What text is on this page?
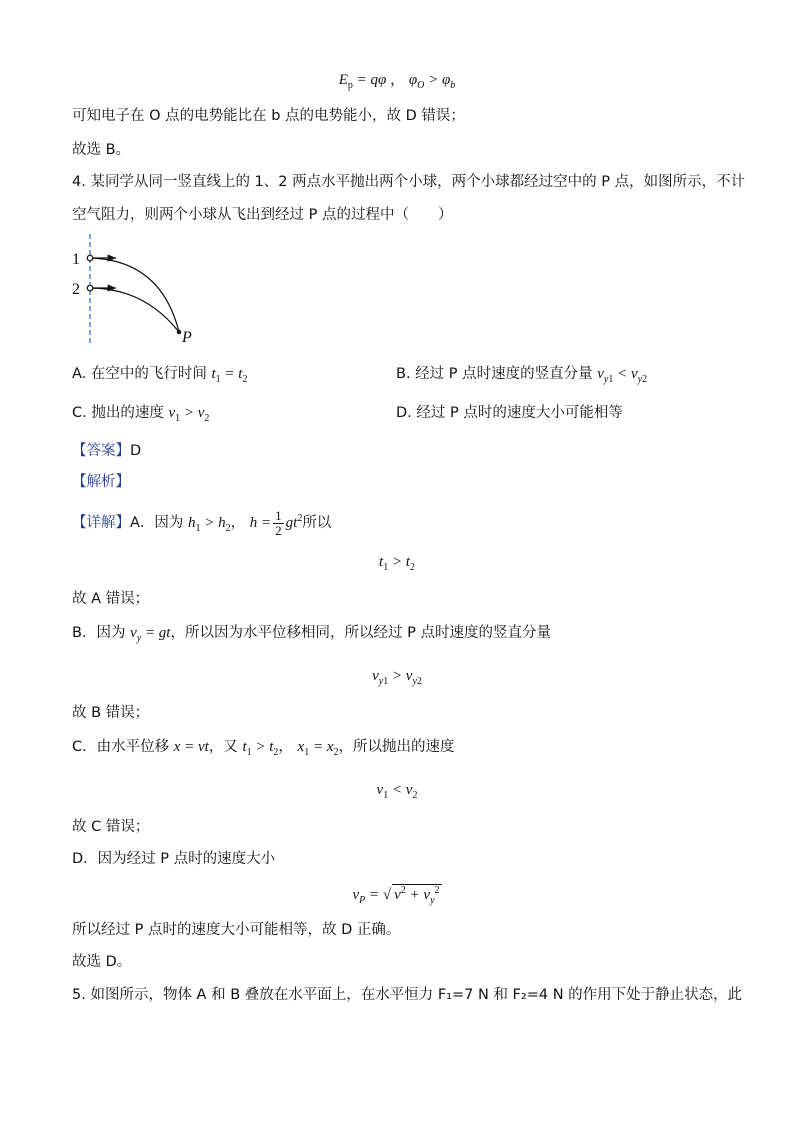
$E_p = q\varphi$ ， $\varphi_O > \varphi_b$
可知电子在 O 点的电势能比在 b 点的电势能小，故 D 错误；
故选 B。
4. 某同学从同一竖直线上的 1、2 两点水平抛出两个小球，两个小球都经过空中的 P 点，如图所示，不计
空气阻力，则两个小球从飞出到经过 P 点的过程中（　　）
1
2
P
A. 在空中的飞行时间 $t_1 = t_2$	B. 经过 P 点时速度的竖直分量 $v_{y1} < v_{y2}$
C. 抛出的速度 $v_1 > v_2$	D. 经过 P 点时的速度大小可能相等
【答案】D
【解析】
【详解】A．因为 $h_1 > h_2$， $h = \frac{1}{2} gt^2$所以
$t_1 > t_2$
故 A 错误；
B．因为 $v_y$ = gt，所以因为水平位移相同，所以经过 P 点时速度的竖直分量
$v_{y1} > v_{y2}$
故 B 错误；
C．由水平位移 x = vt，又 $t_1 > t_2$， $x_1 = x_2$，所以抛出的速度
$v_1 < v_2$
故 C 错误；
D．因为经过 P 点时的速度大小
$v_P$ = √ $v^2 + v_y^2$
所以经过 P 点时的速度大小可能相等，故 D 正确。
故选 D。
5. 如图所示，物体 A 和 B 叠放在水平面上，在水平恒力 F₁=7 N 和 F₂=4 N 的作用下处于静止状态，此
